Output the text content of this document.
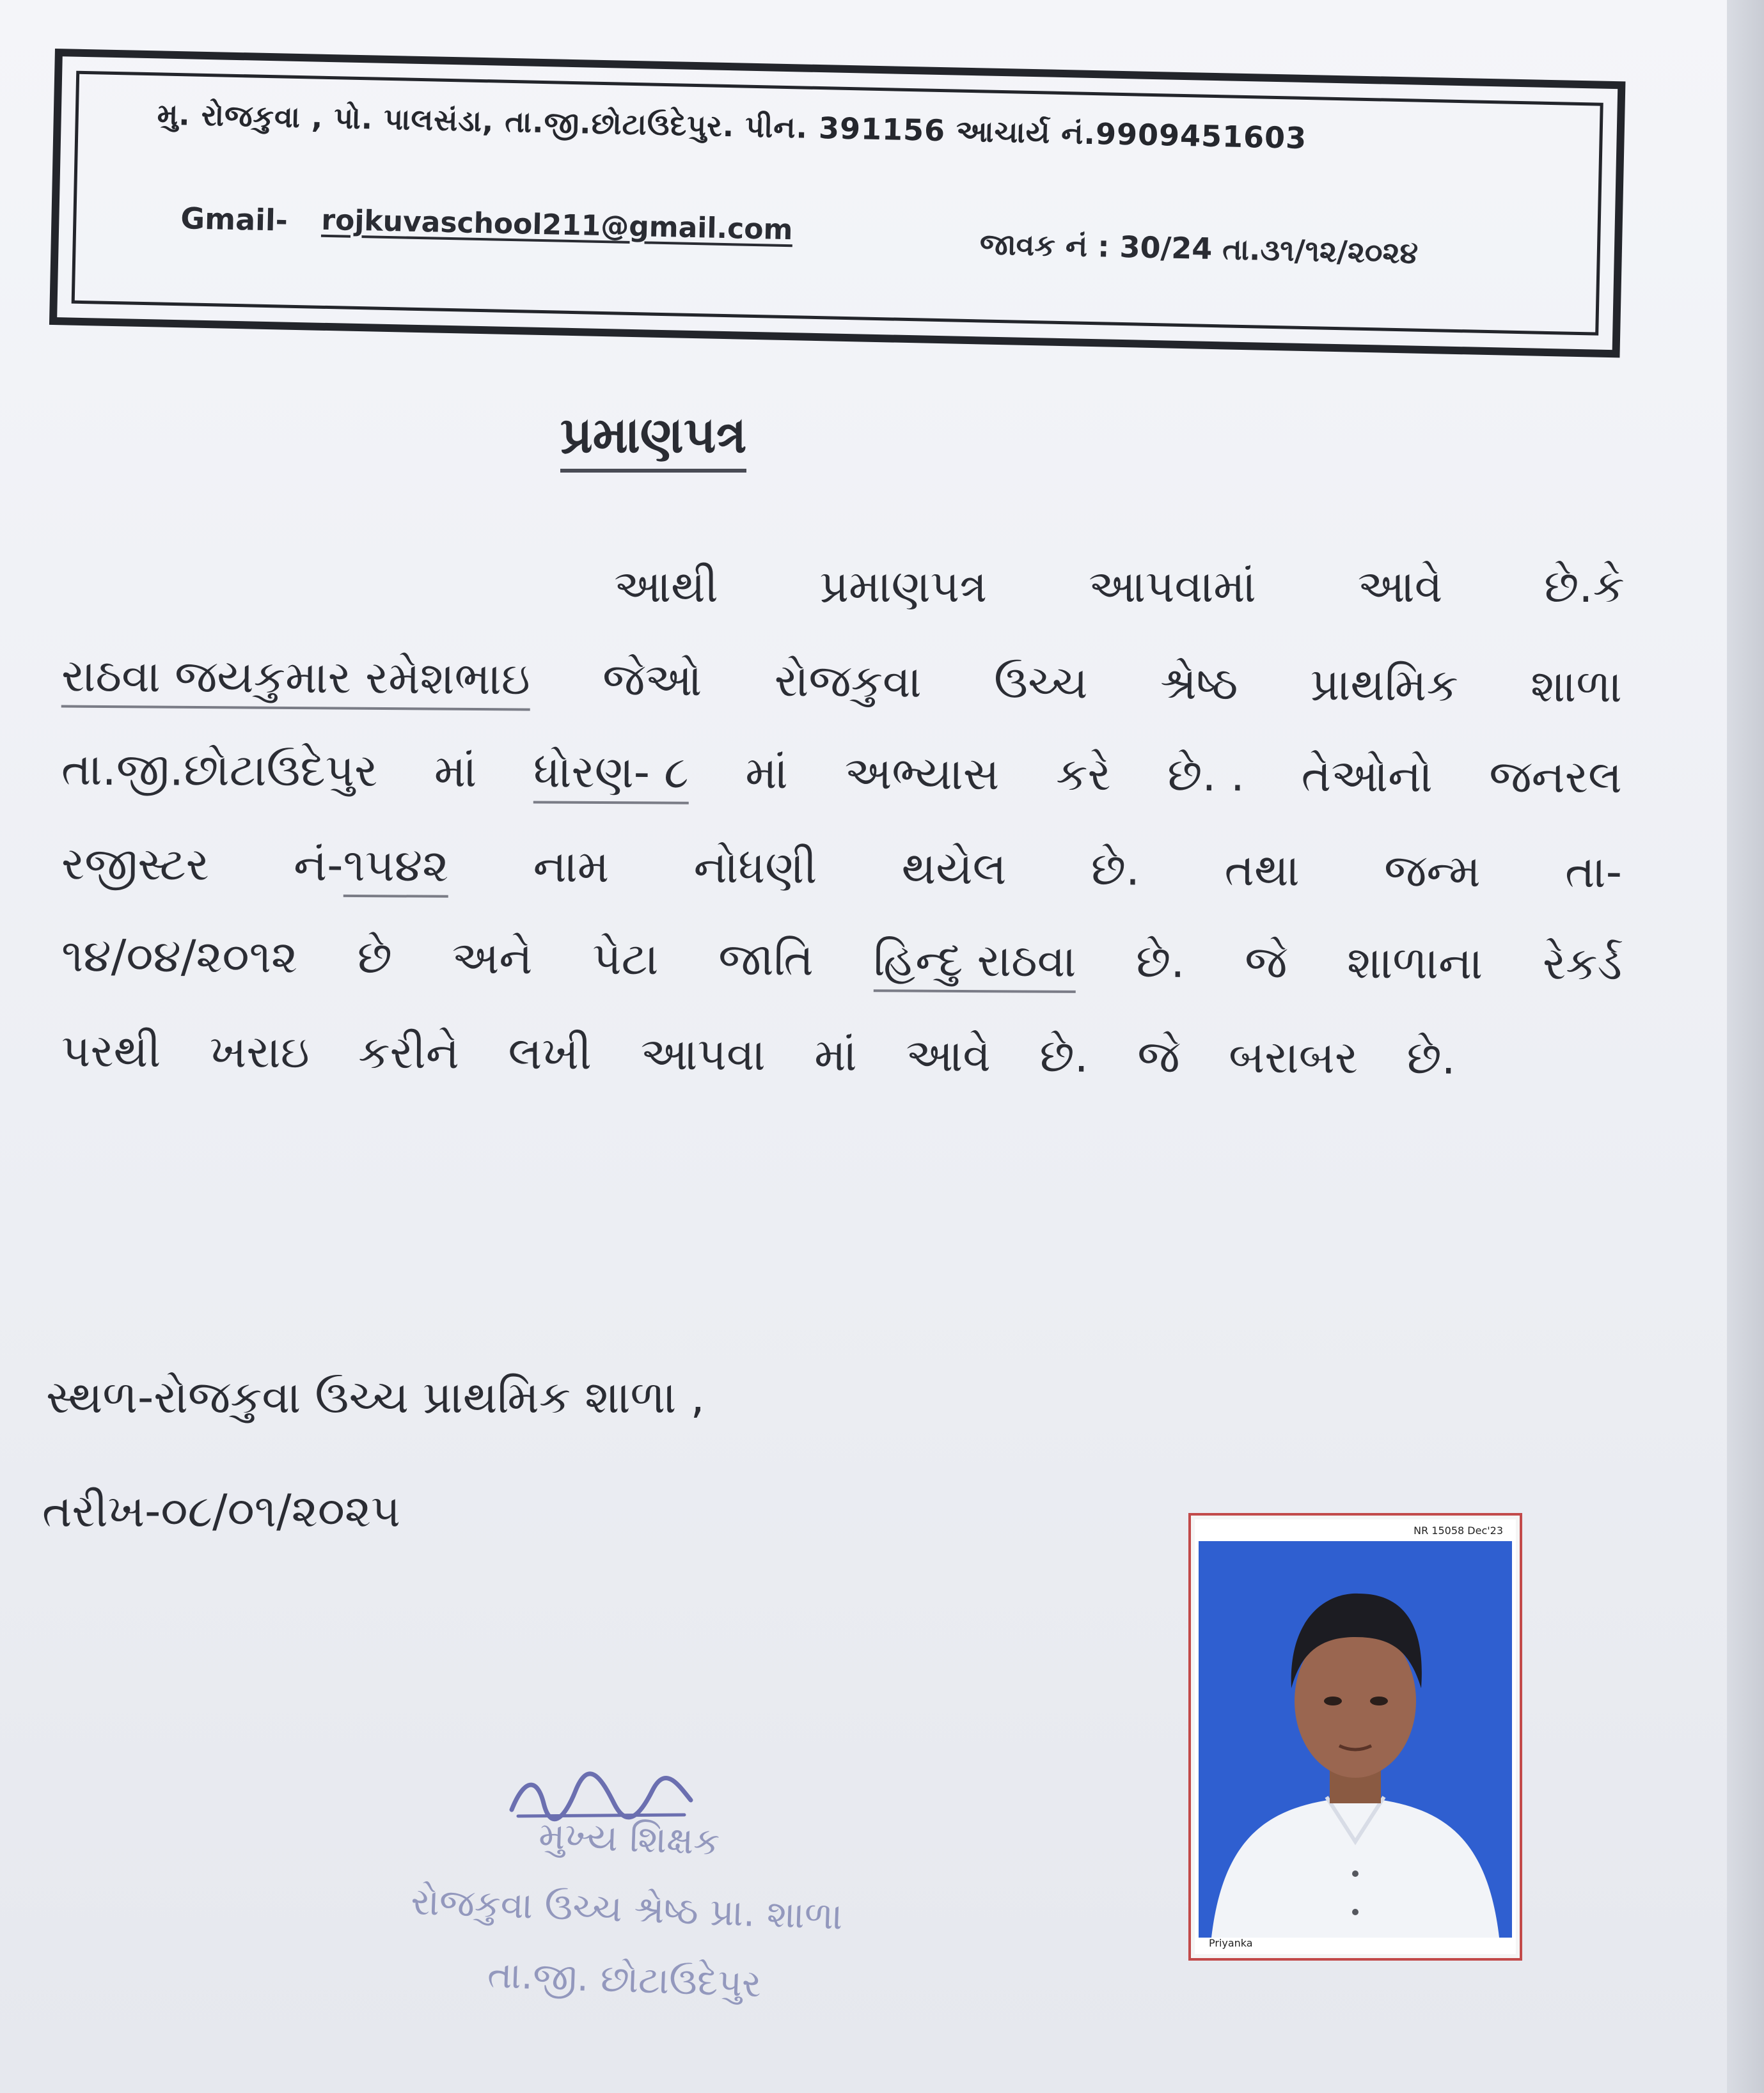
મુ. રોજકુવા , પો. પાલસંડા, તા.જી.છોટાઉદેપુર. પીન. 391156 આચાર્ય નં.9909451603
Gmail- rojkuvaschool211@gmail.com
જાવક નં : 30/24 તા.૩૧/૧૨/૨૦૨૪
પ્રમાણપત્ર
આથી પ્રમાણપત્ર આપવામાં આવે છે.કે
રાઠવા જયકુમાર રમેશભાઇ જેઓ રોજકુવા ઉચ્ચ શ્રેષ્ઠ પ્રાથમિક શાળા
તા.જી.છોટાઉદેપુર માં ધોરણ- ૮ માં અભ્યાસ કરે છે. . તેઓનો જનરલ
રજીસ્ટર નં-૧૫૪૨ નામ નોધણી થયેલ છે. તથા જન્મ તા-
૧૪/૦૪/૨૦૧૨ છે અને પેટા જાતિ હિન્દુ રાઠવા છે. જે શાળાના રેકર્ડ
પરથી ખરાઇ કરીને લખી આપવા માં આવે છે. જે બરાબર છે.
સ્થળ-રોજકુવા ઉચ્ચ પ્રાથમિક શાળા ,
તરીખ-૦૮/૦૧/૨૦૨૫
મુખ્ય શિક્ષક
રોજકુવા ઉચ્ચ શ્રેષ્ઠ પ્રા. શાળા
તા.જી. છોટાઉદેપુર
NR 15058 Dec'23
Priyanka
